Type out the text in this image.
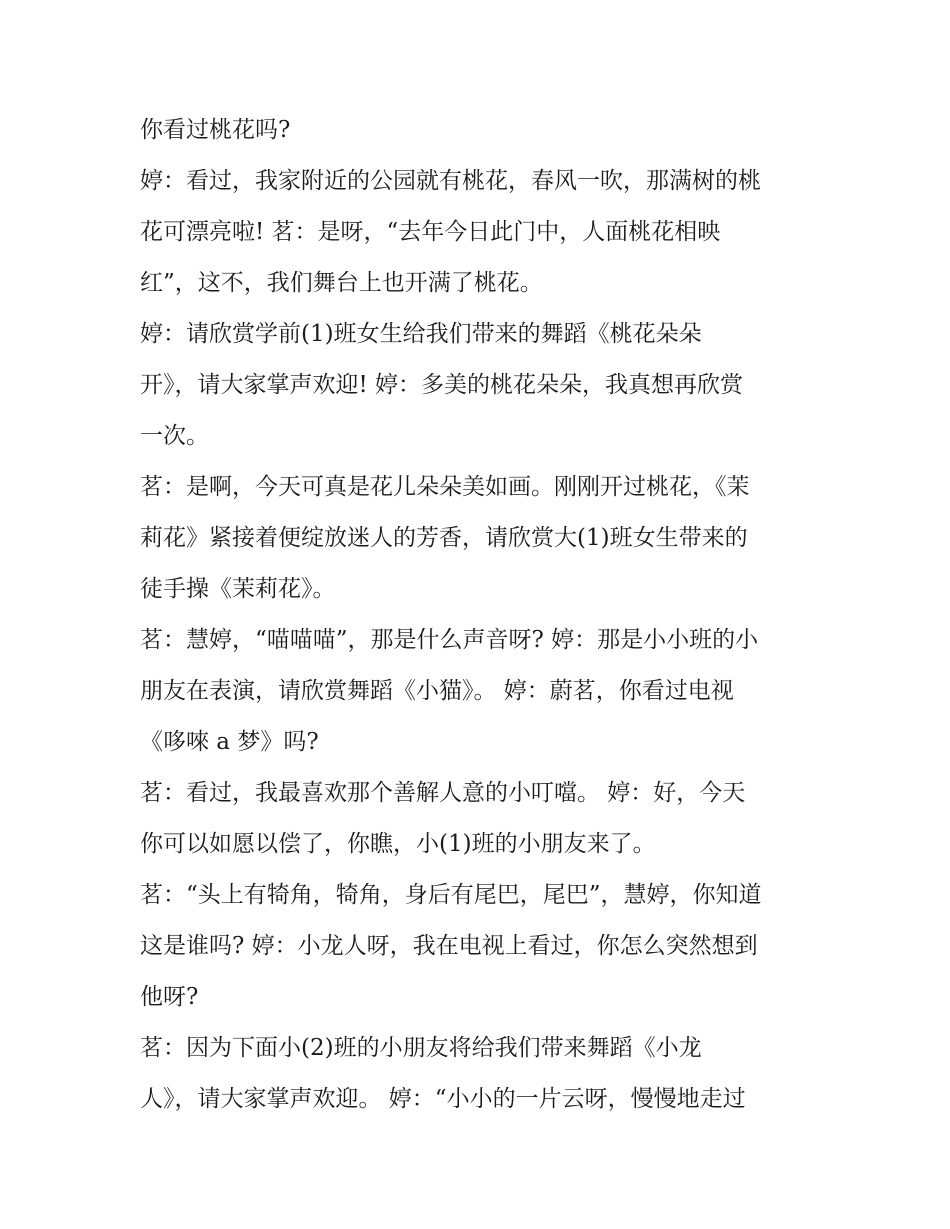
你看过桃花吗?
婷：看过，我家附近的公园就有桃花，春风一吹，那满树的桃
花可漂亮啦! 茗：是呀，“去年今日此门中，人面桃花相映
红”，这不，我们舞台上也开满了桃花。
婷：请欣赏学前(1)班女生给我们带来的舞蹈《桃花朵朵
开》，请大家掌声欢迎! 婷：多美的桃花朵朵，我真想再欣赏
一次。
茗：是啊，今天可真是花儿朵朵美如画。刚刚开过桃花，《茉
莉花》紧接着便绽放迷人的芳香，请欣赏大(1)班女生带来的
徒手操《茉莉花》。
茗：慧婷，“喵喵喵”，那是什么声音呀? 婷：那是小小班的小
朋友在表演，请欣赏舞蹈《小猫》。 婷：蔚茗，你看过电视
《哆唻 a 梦》吗?
茗：看过，我最喜欢那个善解人意的小叮噹。 婷：好，今天
你可以如愿以偿了，你瞧，小(1)班的小朋友来了。
茗：“头上有犄角，犄角，身后有尾巴，尾巴”，慧婷，你知道
这是谁吗? 婷：小龙人呀，我在电视上看过，你怎么突然想到
他呀?
茗：因为下面小(2)班的小朋友将给我们带来舞蹈《小龙
人》，请大家掌声欢迎。 婷：“小小的一片云呀，慢慢地走过
